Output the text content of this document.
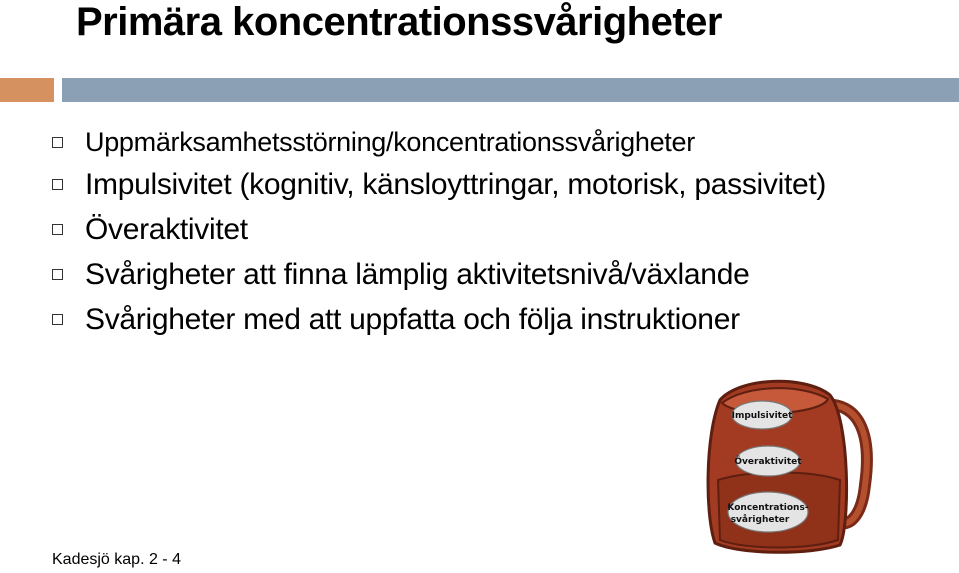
Primära koncentrationssvårigheter
Uppmärksamhetsstörning/koncentrationssvårigheter
Impulsivitet (kognitiv, känsloyttringar, motorisk, passivitet)
Överaktivitet
Svårigheter att finna lämplig aktivitetsnivå/växlande
Svårigheter med att uppfatta och följa instruktioner
Impulsivitet
Överaktivitet
Koncentrations-
svårigheter
Kadesjö kap. 2 - 4
